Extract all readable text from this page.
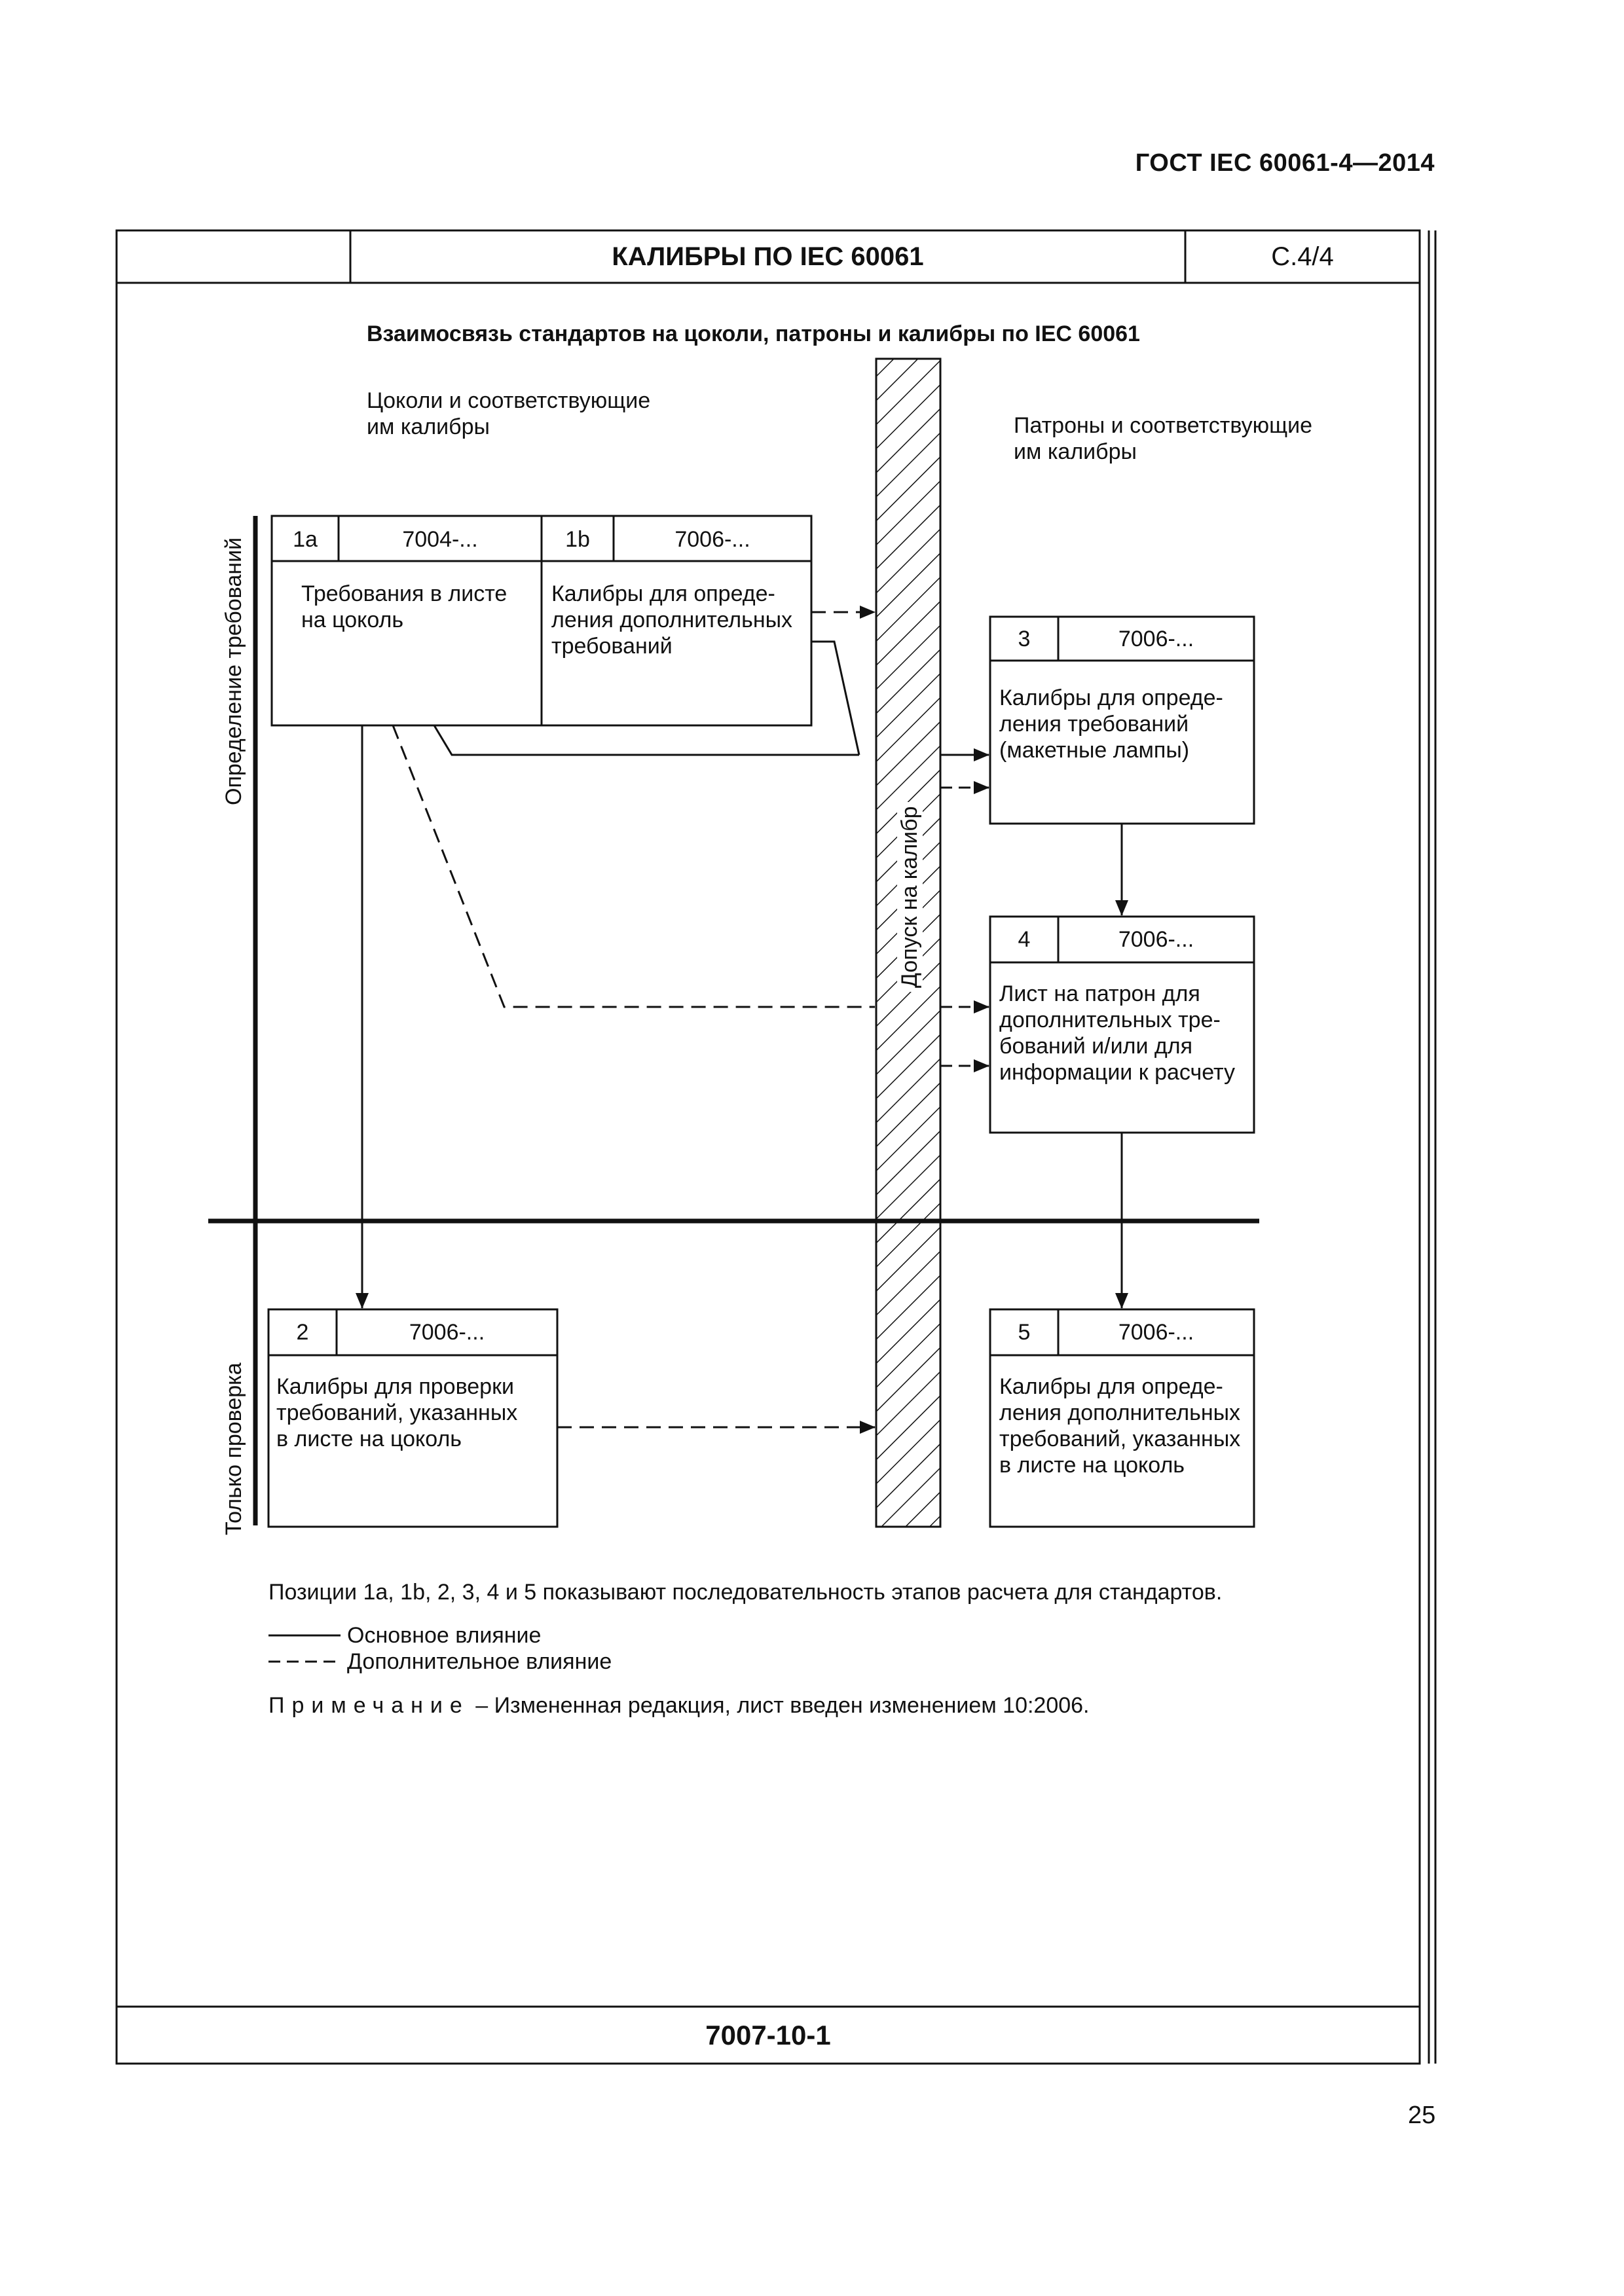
ГОСТ IEC 60061-4—2014
КАЛИБРЫ ПО IEC 60061	C.4/4
Взаимосвязь стандартов на цоколи, патроны и калибры по IEC 60061
Цоколи и соответствующие
им калибры	Патроны и соответствующие
им калибры
Определение требований
Только проверка
Допуск на калибр
1a	7004-...
Требования в листе
на цоколь
1b	7006-...
Калибры для опреде-
ления дополнительных
требований	3	7006-...
Калибры для опреде-
ления требований
(макетные лампы)
4	7006-...
Лист на патрон для
дополнительных тре-
бований и/или для
информации к расчету
2	7006-...
Калибры для проверки
требований, указанных
в листе на цоколь
5	7006-...
Калибры для опреде-
ления дополнительных
требований, указанных
в листе на цоколь
Позиции 1a, 1b, 2, 3, 4 и 5 показывают последовательность этапов расчета для стандартов.
Основное влияние
Дополнительное влияние
Примечание – Измененная редакция, лист введен изменением 10:2006.
7007-10-1
25
